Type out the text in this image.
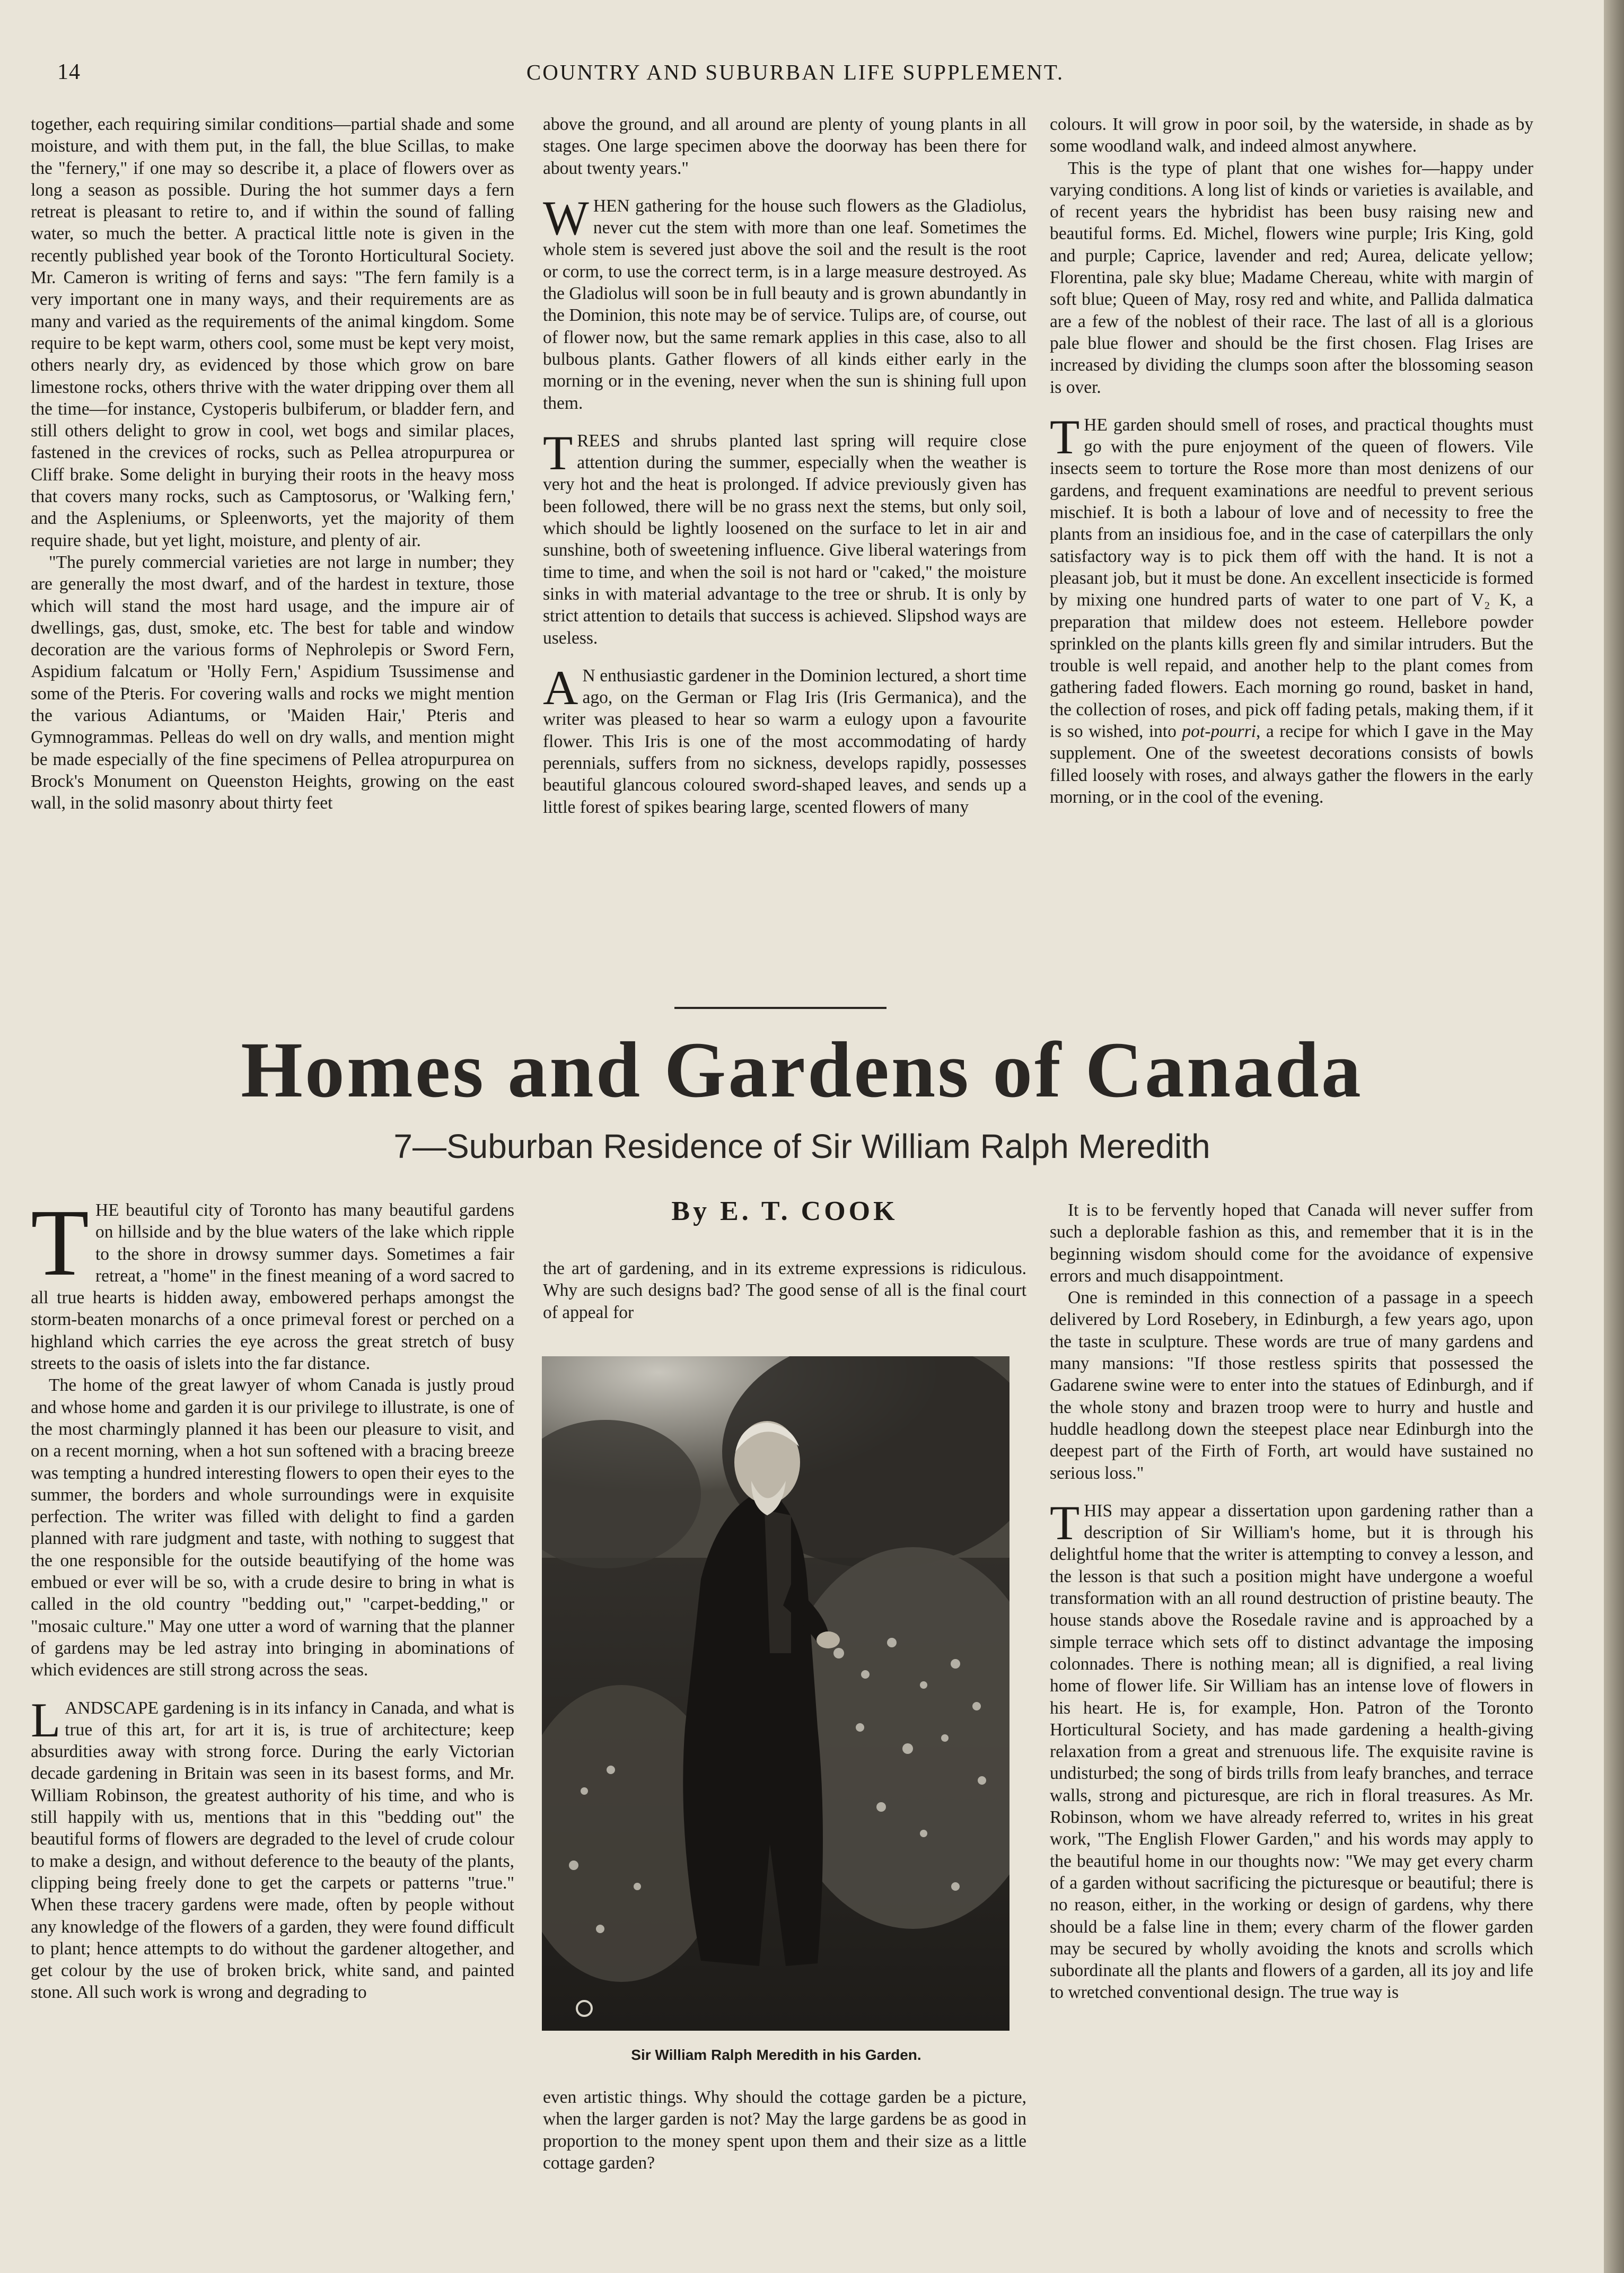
14	COUNTRY AND SUBURBAN LIFE SUPPLEMENT.

together, each requiring similar conditions—partial shade and some moisture, and with them put, in the fall, the blue Scillas, to make the "fernery," if one may so describe it, a place of flowers over as long a season as possible. During the hot summer days a fern retreat is pleasant to retire to, and if within the sound of falling water, so much the better. A practical little note is given in the recently published year book of the Toronto Horticultural Society. Mr. Cameron is writing of ferns and says: "The fern family is a very important one in many ways, and their requirements are as many and varied as the requirements of the animal kingdom. Some require to be kept warm, others cool, some must be kept very moist, others nearly dry, as evidenced by those which grow on bare limestone rocks, others thrive with the water dripping over them all the time—for instance, Cystoperis bulbiferum, or bladder fern, and still others delight to grow in cool, wet bogs and similar places, fastened in the crevices of rocks, such as Pellea atropurpurea or Cliff brake. Some delight in burying their roots in the heavy moss that covers many rocks, such as Camptosorus, or 'Walking fern,' and the Aspleniums, or Spleenworts, yet the majority of them require shade, but yet light, moisture, and plenty of air.

"The purely commercial varieties are not large in number; they are generally the most dwarf, and of the hardest in texture, those which will stand the most hard usage, and the impure air of dwellings, gas, dust, smoke, etc. The best for table and window decoration are the various forms of Nephrolepis or Sword Fern, Aspidium falcatum or 'Holly Fern,' Aspidium Tsussimense and some of the Pteris. For covering walls and rocks we might mention the various Adiantums, or 'Maiden Hair,' Pteris and Gymnogrammas. Pelleas do well on dry walls, and mention might be made especially of the fine specimens of Pellea atropurpurea on Brock's Monument on Queenston Heights, growing on the east wall, in the solid masonry about thirty feet

above the ground, and all around are plenty of young plants in all stages. One large specimen above the doorway has been there for about twenty years."

WHEN gathering for the house such flowers as the Gladiolus, never cut the stem with more than one leaf. Sometimes the whole stem is severed just above the soil and the result is the root or corm, to use the correct term, is in a large measure destroyed. As the Gladiolus will soon be in full beauty and is grown abundantly in the Dominion, this note may be of service. Tulips are, of course, out of flower now, but the same remark applies in this case, also to all bulbous plants. Gather flowers of all kinds either early in the morning or in the evening, never when the sun is shining full upon them.

TREES and shrubs planted last spring will require close attention during the summer, especially when the weather is very hot and the heat is prolonged. If advice previously given has been followed, there will be no grass next the stems, but only soil, which should be lightly loosened on the surface to let in air and sunshine, both of sweetening influence. Give liberal waterings from time to time, and when the soil is not hard or "caked," the moisture sinks in with material advantage to the tree or shrub. It is only by strict attention to details that success is achieved. Slipshod ways are useless.

A N enthusiastic gardener in the Dominion lectured, a short time ago, on the German or Flag Iris (Iris Germanica), and the writer was pleased to hear so warm a eulogy upon a favourite flower. This Iris is one of the most accommodating of hardy perennials, suffers from no sickness, develops rapidly, possesses beautiful glancous coloured sword-shaped leaves, and sends up a little forest of spikes bearing large, scented flowers of many

colours. It will grow in poor soil, by the waterside, in shade as by some woodland walk, and indeed almost anywhere.

This is the type of plant that one wishes for—happy under varying conditions. A long list of kinds or varieties is available, and of recent years the hybridist has been busy raising new and beautiful forms. Ed. Michel, flowers wine purple; Iris King, gold and purple; Caprice, lavender and red; Aurea, delicate yellow; Florentina, pale sky blue; Madame Chereau, white with margin of soft blue; Queen of May, rosy red and white, and Pallida dalmatica are a few of the noblest of their race. The last of all is a glorious pale blue flower and should be the first chosen. Flag Irises are increased by dividing the clumps soon after the blossoming season is over.

THE garden should smell of roses, and practical thoughts must go with the pure enjoyment of the queen of flowers. Vile insects seem to torture the Rose more than most denizens of our gardens, and frequent examinations are needful to prevent serious mischief. It is both a labour of love and of necessity to free the plants from an insidious foe, and in the case of caterpillars the only satisfactory way is to pick them off with the hand. It is not a pleasant job, but it must be done. An excellent insecticide is formed by mixing one hundred parts of water to one part of V₂ K, a preparation that mildew does not esteem. Hellebore powder sprinkled on the plants kills green fly and similar intruders. But the trouble is well repaid, and another help to the plant comes from gathering faded flowers. Each morning go round, basket in hand, the collection of roses, and pick off fading petals, making them, if it is so wished, into pot-pourri, a recipe for which I gave in the May supplement. One of the sweetest decorations consists of bowls filled loosely with roses, and always gather the flowers in the early morning, or in the cool of the evening.

Homes and Gardens of Canada
7—Suburban Residence of Sir William Ralph Meredith
By E. T. COOK

THE beautiful city of Toronto has many beautiful gardens on hillside and by the blue waters of the lake which ripple to the shore in drowsy summer days. Sometimes a fair retreat, a "home" in the finest meaning of a word sacred to all true hearts is hidden away, embowered perhaps amongst the storm-beaten monarchs of a once primeval forest or perched on a highland which carries the eye across the great stretch of busy streets to the oasis of islets into the far distance.

The home of the great lawyer of whom Canada is justly proud and whose home and garden it is our privilege to illustrate, is one of the most charmingly planned it has been our pleasure to visit, and on a recent morning, when a hot sun softened with a bracing breeze was tempting a hundred interesting flowers to open their eyes to the summer, the borders and whole surroundings were in exquisite perfection. The writer was filled with delight to find a garden planned with rare judgment and taste, with nothing to suggest that the one responsible for the outside beautifying of the home was embued or ever will be so, with a crude desire to bring in what is called in the old country "bedding out," "carpet-bedding," or "mosaic culture." May one utter a word of warning that the planner of gardens may be led astray into bringing in abominations of which evidences are still strong across the seas.

LANDSCAPE gardening is in its infancy in Canada, and what is true of this art, for art it is, is true of architecture; keep absurdities away with strong force. During the early Victorian decade gardening in Britain was seen in its basest forms, and Mr. William Robinson, the greatest authority of his time, and who is still happily with us, mentions that in this "bedding out" the beautiful forms of flowers are degraded to the level of crude colour to make a design, and without deference to the beauty of the plants, clipping being freely done to get the carpets or patterns "true." When these tracery gardens were made, often by people without any knowledge of the flowers of a garden, they were found difficult to plant; hence attempts to do without the gardener altogether, and get colour by the use of broken brick, white sand, and painted stone. All such work is wrong and degrading to

the art of gardening, and in its extreme expressions is ridiculous. Why are such designs bad? The good sense of all is the final court of appeal for

Sir William Ralph Meredith in his Garden.

even artistic things. Why should the cottage garden be a picture, when the larger garden is not? May the large gardens be as good in proportion to the money spent upon them and their size as a little cottage garden?

It is to be fervently hoped that Canada will never suffer from such a deplorable fashion as this, and remember that it is in the beginning wisdom should come for the avoidance of expensive errors and much disappointment.

One is reminded in this connection of a passage in a speech delivered by Lord Rosebery, in Edinburgh, a few years ago, upon the taste in sculpture. These words are true of many gardens and many mansions: "If those restless spirits that possessed the Gadarene swine were to enter into the statues of Edinburgh, and if the whole stony and brazen troop were to hurry and hustle and huddle headlong down the steepest place near Edinburgh into the deepest part of the Firth of Forth, art would have sustained no serious loss."

THIS may appear a dissertation upon gardening rather than a description of Sir William's home, but it is through his delightful home that the writer is attempting to convey a lesson, and the lesson is that such a position might have undergone a woeful transformation with an all round destruction of pristine beauty. The house stands above the Rosedale ravine and is approached by a simple terrace which sets off to distinct advantage the imposing colonnades. There is nothing mean; all is dignified, a real living home of flower life. Sir William has an intense love of flowers in his heart. He is, for example, Hon. Patron of the Toronto Horticultural Society, and has made gardening a health-giving relaxation from a great and strenuous life. The exquisite ravine is undisturbed; the song of birds trills from leafy branches, and terrace walls, strong and picturesque, are rich in floral treasures. As Mr. Robinson, whom we have already referred to, writes in his great work, "The English Flower Garden," and his words may apply to the beautiful home in our thoughts now: "We may get every charm of a garden without sacrificing the picturesque or beautiful; there is no reason, either, in the working or design of gardens, why there should be a false line in them; every charm of the flower garden may be secured by wholly avoiding the knots and scrolls which subordinate all the plants and flowers of a garden, all its joy and life to wretched conventional design. The true way is
